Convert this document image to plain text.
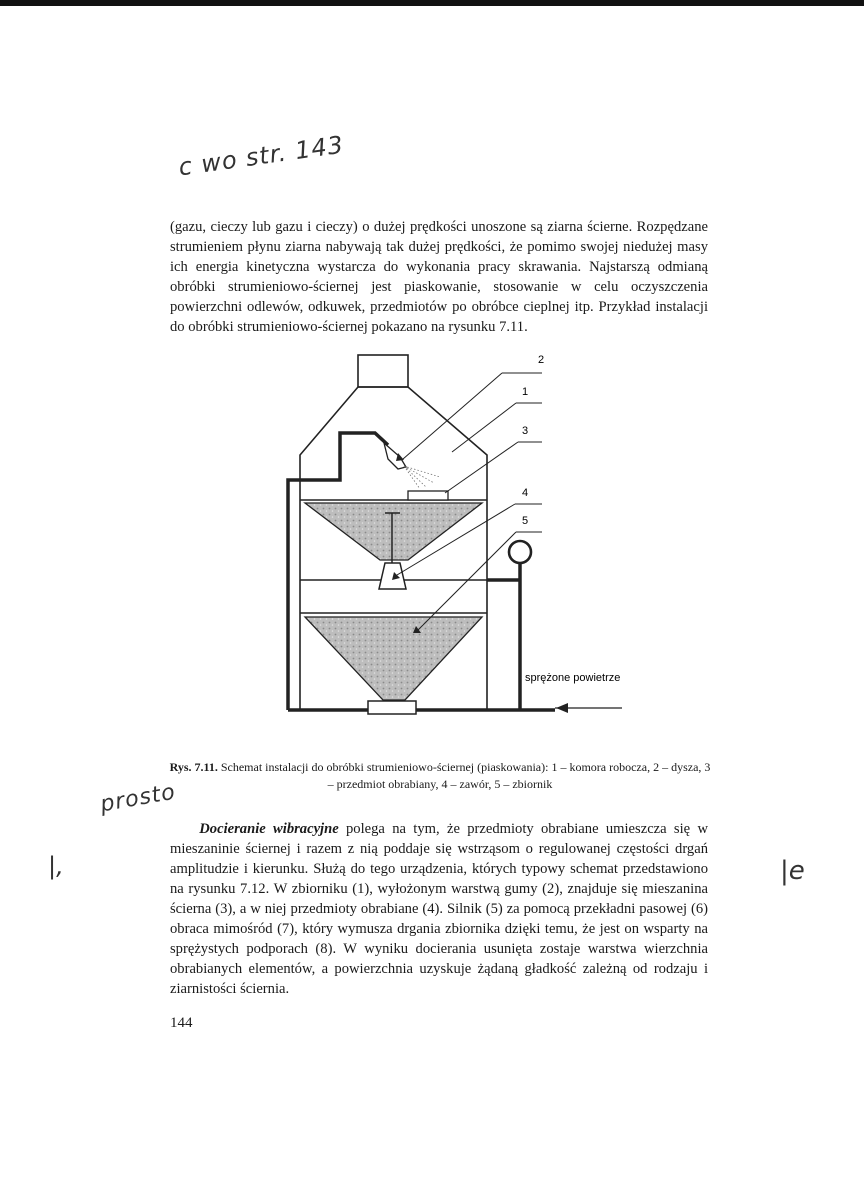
c wo str. 143

(gazu, cieczy lub gazu i cieczy) o dużej prędkości unoszone są ziarna ścierne. Rozpędzane strumieniem płynu ziarna nabywają tak dużej prędkości, że pomimo swojej niedużej masy ich energia kinetyczna wystarcza do wykonania pracy skrawania. Najstarszą odmianą obróbki strumieniowo-ściernej jest piaskowanie, stosowanie w celu oczyszczenia powierzchni odlewów, odkuwek, przedmiotów po obróbce cieplnej itp. Przykład instalacji do obróbki strumieniowo-ściernej pokazano na rysunku 7.11.

2
1
3
4
5
sprężone powietrze
Rys. 7.11. Schemat instalacji do obróbki strumieniowo-ściernej (piaskowania): 1 – komora robocza, 2 – dysza, 3 – przedmiot obrabiany, 4 – zawór, 5 – zbiornik
prosto
|,	|e

Docieranie wibracyjne polega na tym, że przedmioty obrabiane umieszcza się w mieszaninie ściernej i razem z nią poddaje się wstrząsom o regulowanej częstości drgań amplitudzie i kierunku. Służą do tego urządzenia, których typowy schemat przedstawiono na rysunku 7.12. W zbiorniku (1), wyłożonym warstwą gumy (2), znajduje się mieszanina ścierna (3), a w niej przedmioty obrabiane (4). Silnik (5) za pomocą przekładni pasowej (6) obraca mimośród (7), który wymusza drgania zbiornika dzięki temu, że jest on wsparty na sprężystych podporach (8). W wyniku docierania usunięta zostaje warstwa wierzchnia obrabianych elementów, a powierzchnia uzyskuje żądaną gładkość zależną od rodzaju i ziarnistości ściernia.

144
